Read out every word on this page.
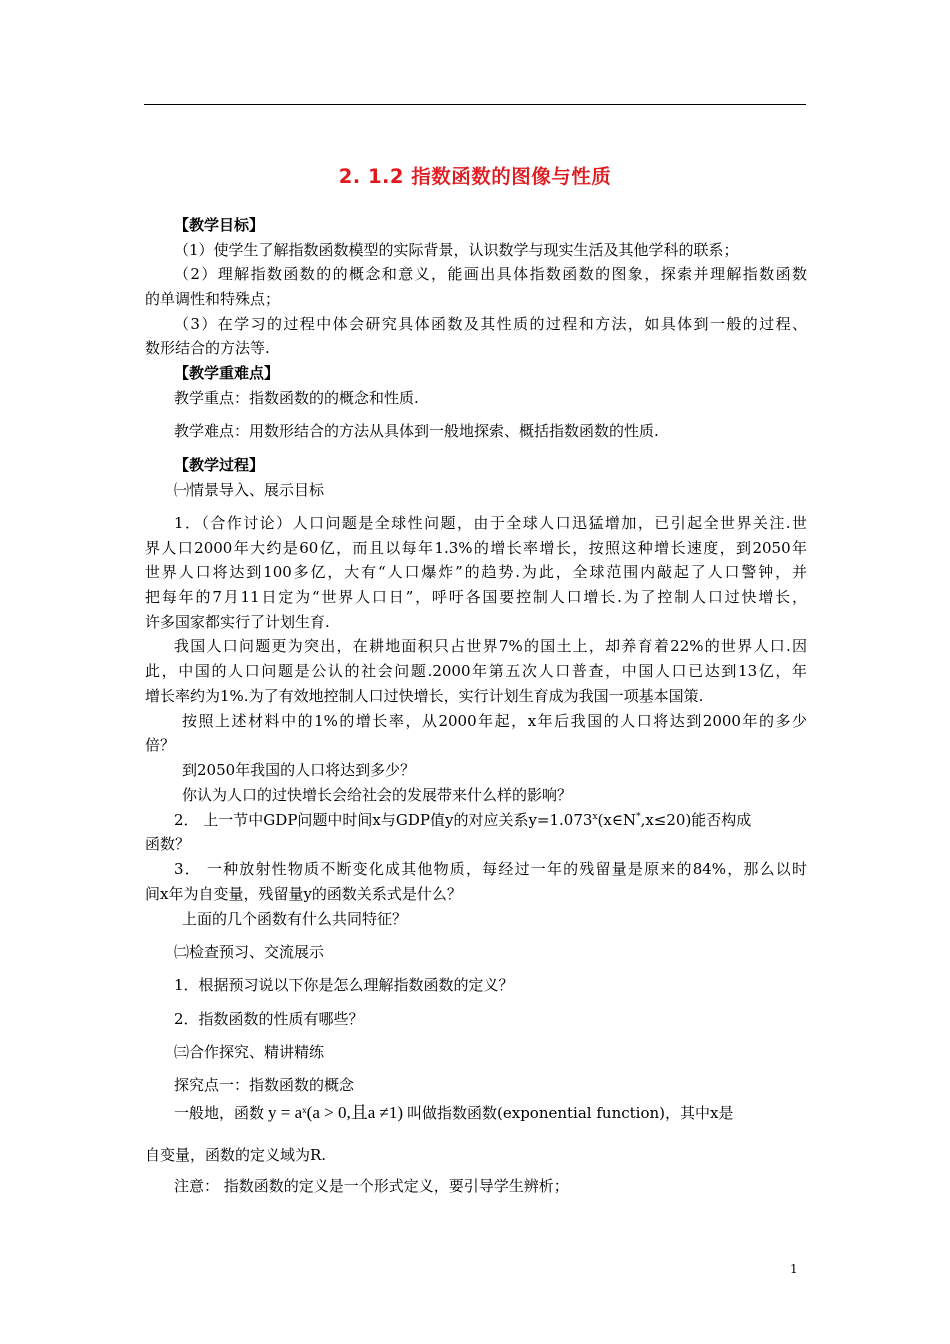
2. 1.2 指数函数的图像与性质
【教学目标】
（1）使学生了解指数函数模型的实际背景，认识数学与现实生活及其他学科的联系；
（2）理解指数函数的的概念和意义，能画出具体指数函数的图象，探索并理解指数函数
的单调性和特殊点；
（3）在学习的过程中体会研究具体函数及其性质的过程和方法，如具体到一般的过程、
数形结合的方法等.
【教学重难点】
教学重点：指数函数的的概念和性质.
教学难点：用数形结合的方法从具体到一般地探索、概括指数函数的性质.
【教学过程】
㈠情景导入、展示目标
1．（合作讨论）人口问题是全球性问题，由于全球人口迅猛增加，已引起全世界关注.世
界人口2000年大约是60亿，而且以每年1.3%的增长率增长，按照这种增长速度，到2050年
世界人口将达到100多亿，大有“人口爆炸”的趋势.为此，全球范围内敲起了人口警钟，并
把每年的7月11日定为“世界人口日”，呼吁各国要控制人口增长.为了控制人口过快增长，
许多国家都实行了计划生育.
我国人口问题更为突出，在耕地面积只占世界7%的国土上，却养育着22%的世界人口.因
此，中国的人口问题是公认的社会问题.2000年第五次人口普查，中国人口已达到13亿，年
增长率约为1%.为了有效地控制人口过快增长，实行计划生育成为我国一项基本国策.
按照上述材料中的1%的增长率，从2000年起，x年后我国的人口将达到2000年的多少
倍？
到2050年我国的人口将达到多少？
你认为人口的过快增长会给社会的发展带来什么样的影响？
2． 上一节中GDP问题中时间x与GDP值y的对应关系$y=1.073^x(x\in N^*,x\le 20)$能否构成
函数？
3． 一种放射性物质不断变化成其他物质，每经过一年的残留量是原来的84%，那么以时
间x年为自变量，残留量y的函数关系式是什么？
上面的几个函数有什么共同特征？
㈡检查预习、交流展示
1．根据预习说以下你是怎么理解指数函数的定义？
2．指数函数的性质有哪些？
㈢合作探究、精讲精练
探究点一：指数函数的概念
一般地，函数 $y = a^x(a > 0$,且a ≠1) 叫做指数函数(exponential function)，其中x是
自变量，函数的定义域为R.
注意： 指数函数的定义是一个形式定义，要引导学生辨析；
1
